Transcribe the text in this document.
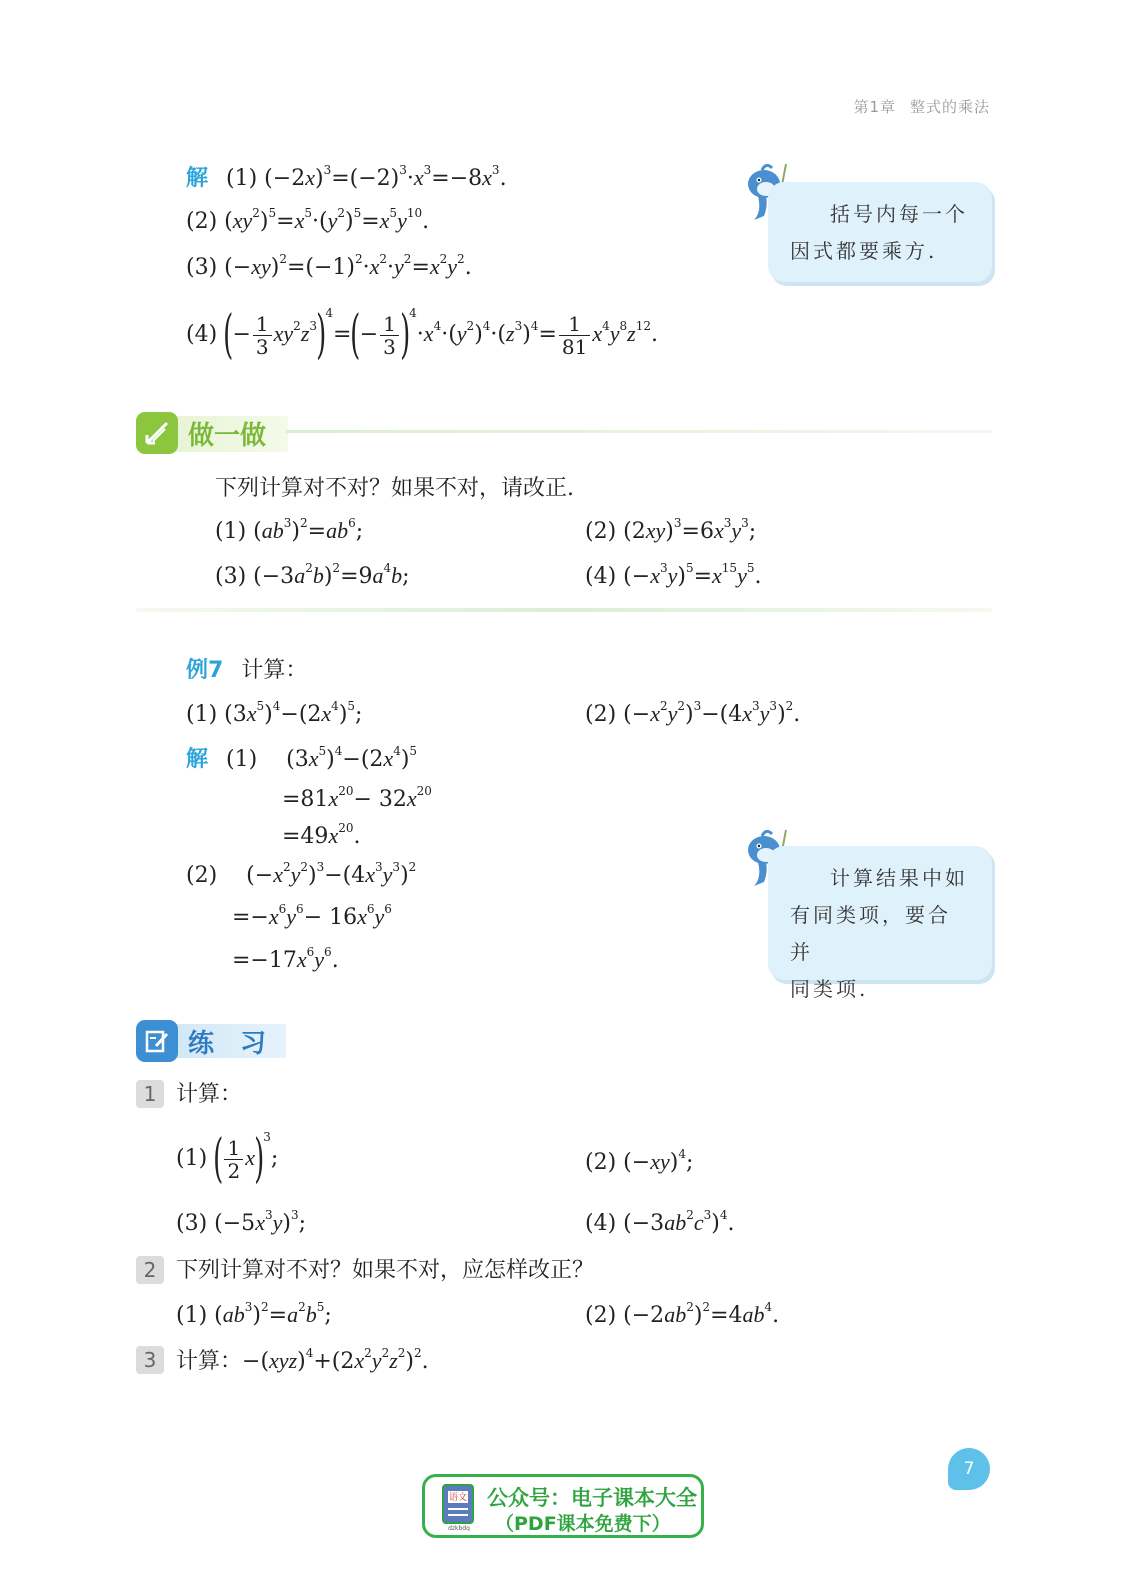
第1章 整式的乘法
解 (1) $(-2x)^3=(-2)^3\cdot x^3=-8x^3$.
(2) $(xy^2)^5=x^5\cdot(y^2)^5=x^5y^{10}$.
(3) $(-xy)^2=(-1)^2\cdot x^2\cdot y^2=x^2y^2$.
(4) (− $\frac{1}{3} xy^2z^3)^4=(- \frac{1}{3} )^4\cdot x^4\cdot(y^2)^4\cdot(z^3)^4= \frac{1}{81} x^4y^8z^{12}$.

括号内每一个

因式都要乘方.

做一做
下列计算对不对？如果不对，请改正.
(1) $(ab^3)^2=ab^6$;	(2) $(2xy)^3=6x^3y^3$;
(3) $(-3a^2b)^2=9a^4b$;	(4) $(-x^3y)^5=x^{15}y^5$.
例7 计算：
(1) $(3x^5)^4-(2x^4)^5$;	(2) $(-x^2y^2)^3-(4x^3y^3)^2$.
解 (1)　 $(3x^5)^4-(2x^4)^5$
$=81x^{20}- 32x^{20}$
$=49x^{20}$.
(2)　 $(-x^2y^2)^3-(4x^3y^3)^2$
$=-x^6y^6- 16x^6y^6$
$=-17x^6y^6$.

计算结果中如

有同类项，要合并

同类项.

练　习
1 计算：
(1) ( $\frac{1}{2} x)^3$;	(2) $(-xy)^4$;
(3) $(-5x^3y)^3$;	(4) $(-3ab^2c^3)^4$.
2 下列计算对不对？如果不对，应怎样改正？
(1) $(ab^3)^2=a^2b^5$;	(2) $(-2ab^2)^2=4ab^4$.
3 计算：$-(xyz)^4+(2x^2y^2z^2)^2$.
7
语文
dzkbdq
公众号：电子课本大全
（PDF课本免费下）
